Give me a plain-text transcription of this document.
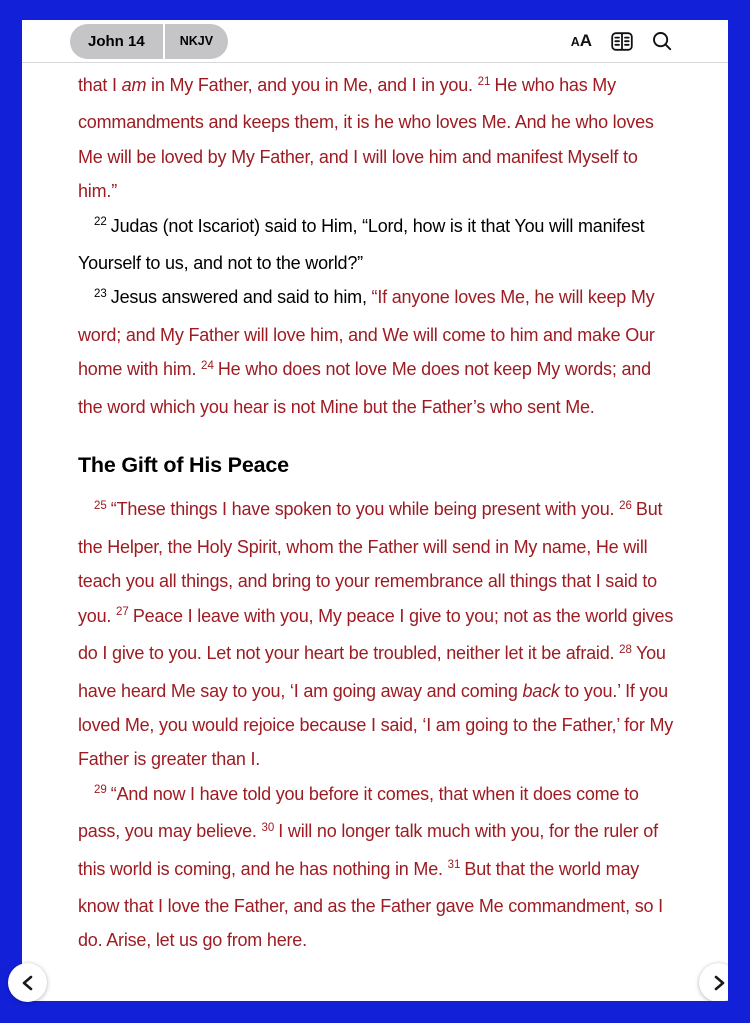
John 14	NKJV	A A

that I am in My Father, and you in Me, and I in you. $^{21}$ He who has My commandments and keeps them, it is he who loves Me. And he who loves Me will be loved by My Father, and I will love him and manifest Myself to him.”

$^{22}$ Judas (not Iscariot) said to Him, “Lord, how is it that You will manifest Yourself to us, and not to the world?”

$^{23}$ Jesus answered and said to him, “If anyone loves Me, he will keep My word; and My Father will love him, and We will come to him and make Our home with him. $^{24}$ He who does not love Me does not keep My words; and the word which you hear is not Mine but the Father’s who sent Me.

The Gift of His Peace

$^{25}$ “These things I have spoken to you while being present with you. $^{26}$ But the Helper, the Holy Spirit, whom the Father will send in My name, He will teach you all things, and bring to your remembrance all things that I said to you. $^{27}$ Peace I leave with you, My peace I give to you; not as the world gives do I give to you. Let not your heart be troubled, neither let it be afraid. $^{28}$ You have heard Me say to you, ‘I am going away and coming back to you.’ If you loved Me, you would rejoice because I said, ‘I am going to the Father,’ for My Father is greater than I.

$^{29}$ “And now I have told you before it comes, that when it does come to pass, you may believe. $^{30}$ I will no longer talk much with you, for the ruler of this world is coming, and he has nothing in Me. $^{31}$ But that the world may know that I love the Father, and as the Father gave Me commandment, so I do. Arise, let us go from here.
